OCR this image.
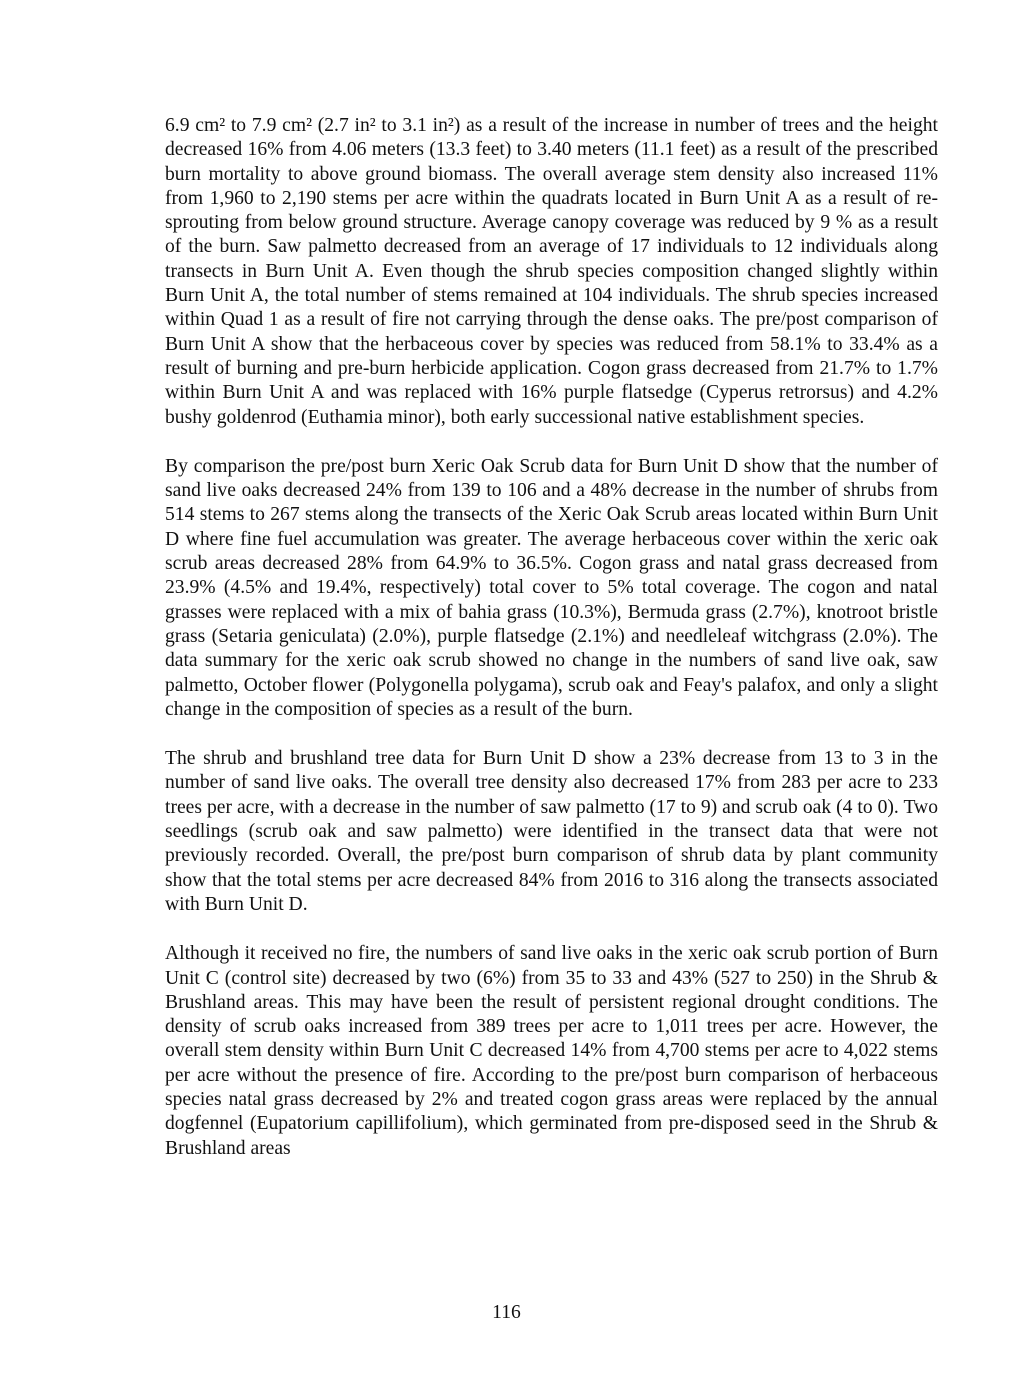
6.9 cm² to 7.9 cm² (2.7 in² to 3.1 in²) as a result of the increase in number of trees and the height decreased 16% from 4.06 meters (13.3 feet) to 3.40 meters (11.1 feet) as a result of the prescribed burn mortality to above ground biomass. The overall average stem density also increased 11% from 1,960 to 2,190 stems per acre within the quadrats located in Burn Unit A as a result of re-sprouting from below ground structure. Average canopy coverage was reduced by 9 % as a result of the burn. Saw palmetto decreased from an average of 17 individuals to 12 individuals along transects in Burn Unit A. Even though the shrub species composition changed slightly within Burn Unit A, the total number of stems remained at 104 individuals. The shrub species increased within Quad 1 as a result of fire not carrying through the dense oaks. The pre/post comparison of Burn Unit A show that the herbaceous cover by species was reduced from 58.1% to 33.4% as a result of burning and pre-burn herbicide application. Cogon grass decreased from 21.7% to 1.7% within Burn Unit A and was replaced with 16% purple flatsedge (Cyperus retrorsus) and 4.2% bushy goldenrod (Euthamia minor), both early successional native establishment species.

By comparison the pre/post burn Xeric Oak Scrub data for Burn Unit D show that the number of sand live oaks decreased 24% from 139 to 106 and a 48% decrease in the number of shrubs from 514 stems to 267 stems along the transects of the Xeric Oak Scrub areas located within Burn Unit D where fine fuel accumulation was greater. The average herbaceous cover within the xeric oak scrub areas decreased 28% from 64.9% to 36.5%. Cogon grass and natal grass decreased from 23.9% (4.5% and 19.4%, respectively) total cover to 5% total coverage. The cogon and natal grasses were replaced with a mix of bahia grass (10.3%), Bermuda grass (2.7%), knotroot bristle grass (Setaria geniculata) (2.0%), purple flatsedge (2.1%) and needleleaf witchgrass (2.0%). The data summary for the xeric oak scrub showed no change in the numbers of sand live oak, saw palmetto, October flower (Polygonella polygama), scrub oak and Feay's palafox, and only a slight change in the composition of species as a result of the burn.

The shrub and brushland tree data for Burn Unit D show a 23% decrease from 13 to 3 in the number of sand live oaks. The overall tree density also decreased 17% from 283 per acre to 233 trees per acre, with a decrease in the number of saw palmetto (17 to 9) and scrub oak (4 to 0). Two seedlings (scrub oak and saw palmetto) were identified in the transect data that were not previously recorded. Overall, the pre/post burn comparison of shrub data by plant community show that the total stems per acre decreased 84% from 2016 to 316 along the transects associated with Burn Unit D.

Although it received no fire, the numbers of sand live oaks in the xeric oak scrub portion of Burn Unit C (control site) decreased by two (6%) from 35 to 33 and 43% (527 to 250) in the Shrub & Brushland areas. This may have been the result of persistent regional drought conditions. The density of scrub oaks increased from 389 trees per acre to 1,011 trees per acre. However, the overall stem density within Burn Unit C decreased 14% from 4,700 stems per acre to 4,022 stems per acre without the presence of fire. According to the pre/post burn comparison of herbaceous species natal grass decreased by 2% and treated cogon grass areas were replaced by the annual dogfennel (Eupatorium capillifolium), which germinated from pre-disposed seed in the Shrub & Brushland areas

116
